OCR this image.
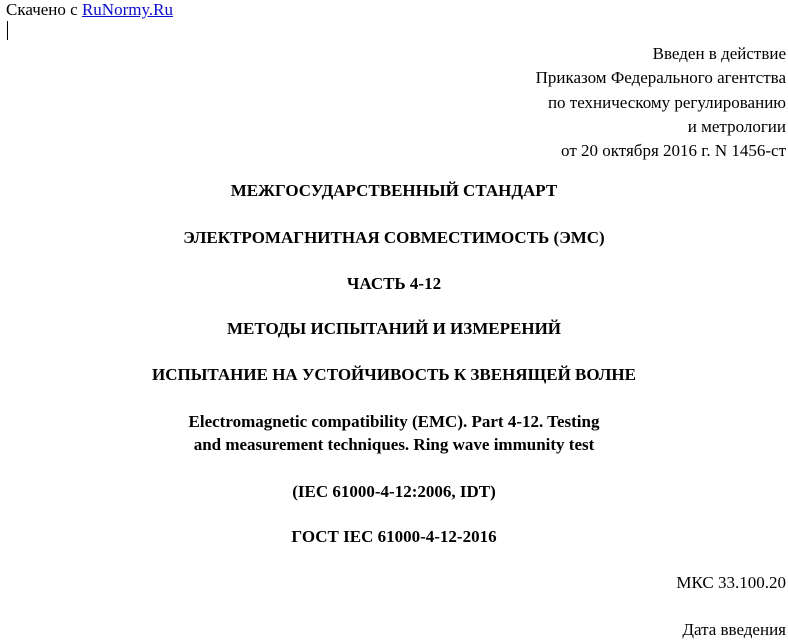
Скачено с RuNormy.Ru
Введен в действие
Приказом Федерального агентства
по техническому регулированию
и метрологии
от 20 октября 2016 г. N 1456-ст
МЕЖГОСУДАРСТВЕННЫЙ СТАНДАРТ
ЭЛЕКТРОМАГНИТНАЯ СОВМЕСТИМОСТЬ (ЭМС)
ЧАСТЬ 4-12
МЕТОДЫ ИСПЫТАНИЙ И ИЗМЕРЕНИЙ
ИСПЫТАНИЕ НА УСТОЙЧИВОСТЬ К ЗВЕНЯЩЕЙ ВОЛНЕ
Electromagnetic compatibility (EMC). Part 4-12. Testing
and measurement techniques. Ring wave immunity test
(IEC 61000-4-12:2006, IDT)
ГОСТ IEC 61000-4-12-2016
МКС 33.100.20
Дата введения
